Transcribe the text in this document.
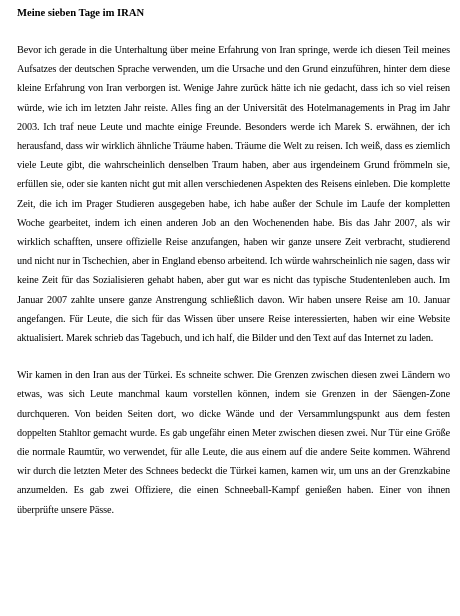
Meine sieben Tage im IRAN

Bevor ich gerade in die Unterhaltung über meine Erfahrung von Iran springe, werde ich diesen Teil meines Aufsatzes der deutschen Sprache verwenden, um die Ursache und den Grund einzuführen, hinter dem diese kleine Erfahrung von Iran verborgen ist. Wenige Jahre zurück hätte ich nie gedacht, dass ich so viel reisen würde, wie ich im letzten Jahr reiste. Alles fing an der Universität des Hotelmanagements in Prag im Jahr 2003. Ich traf neue Leute und machte einige Freunde. Besonders werde ich Marek S. erwähnen, der ich herausfand, dass wir wirklich ähnliche Träume haben. Träume die Welt zu reisen. Ich weiß, dass es ziemlich viele Leute gibt, die wahrscheinlich denselben Traum haben, aber aus irgendeinem Grund frömmeln sie, erfüllen sie, oder sie kanten nicht gut mit allen verschiedenen Aspekten des Reisens einleben. Die komplette Zeit, die ich im Prager Studieren ausgegeben habe, ich habe außer der Schule im Laufe der kompletten Woche gearbeitet, indem ich einen anderen Job an den Wochenenden habe. Bis das Jahr 2007, als wir wirklich schafften, unsere offizielle Reise anzufangen, haben wir ganze unsere Zeit verbracht, studierend und nicht nur in Tschechien, aber in England ebenso arbeitend. Ich würde wahrscheinlich nie sagen, dass wir keine Zeit für das Sozialisieren gehabt haben, aber gut war es nicht das typische Studentenleben auch. Im Januar 2007 zahlte unsere ganze Anstrengung schließlich davon. Wir haben unsere Reise am 10. Januar angefangen. Für Leute, die sich für das Wissen über unsere Reise interessierten, haben wir eine Website aktualisiert. Marek schrieb das Tagebuch, und ich half, die Bilder und den Text auf das Internet zu laden.

Wir kamen in den Iran aus der Türkei. Es schneite schwer. Die Grenzen zwischen diesen zwei Ländern wo etwas, was sich Leute manchmal kaum vorstellen können, indem sie Grenzen in der Säengen-Zone durchqueren. Von beiden Seiten dort, wo dicke Wände und der Versammlungspunkt aus dem festen doppelten Stahltor gemacht wurde. Es gab ungefähr einen Meter zwischen diesen zwei. Nur Tür eine Größe die normale Raumtür, wo verwendet, für alle Leute, die aus einem auf die andere Seite kommen. Während wir durch die letzten Meter des Schnees bedeckt die Türkei kamen, kamen wir, um uns an der Grenzkabine anzumelden. Es gab zwei Offiziere, die einen Schneeball-Kampf genießen haben. Einer von ihnen überprüfte unsere Pässe.
